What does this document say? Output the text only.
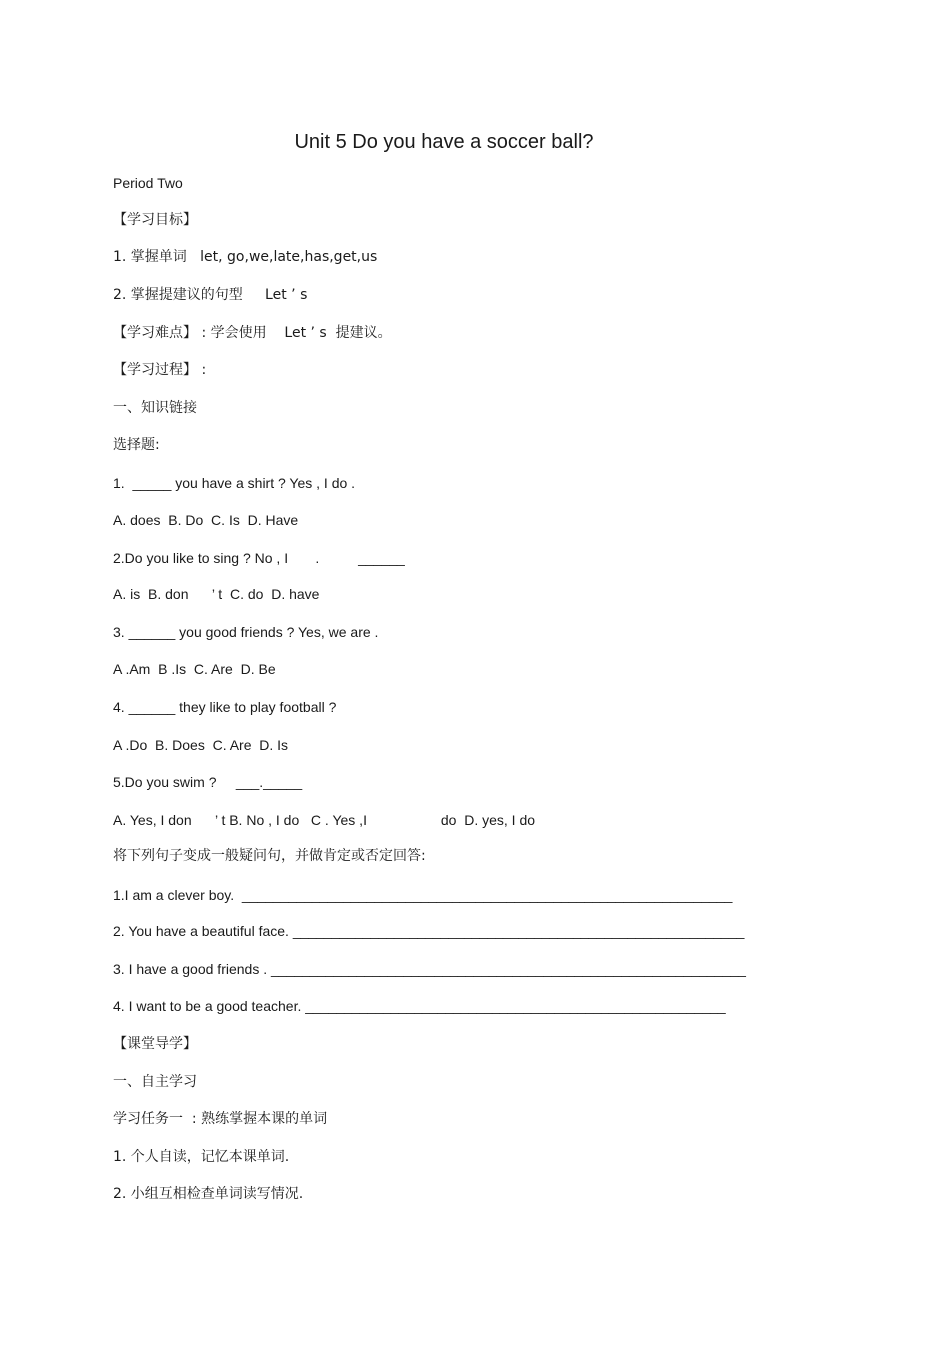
Unit 5 Do you have a soccer ball?
Period Two
【学习目标】
1. 掌握单词   let, go,we,late,has,get,us
2. 掌握提建议的句型     Let ’ s
【学习难点】 : 学会使用    Let ’ s  提建议。
【学习过程】 :
一、知识链接
选择题:
1.  _____ you have a shirt ? Yes , I do .
A. does  B. Do  C. Is  D. Have
2.Do you like to sing ? No , I       .          ______
A. is  B. don      ’ t  C. do  D. have
3. ______ you good friends ? Yes, we are .
A .Am  B .Is  C. Are  D. Be
4. ______ they like to play football ?
A .Do  B. Does  C. Are  D. Is
5.Do you swim ?     ___._____
A. Yes, I don      ’ t B. No , I do   C . Yes ,I                   do  D. yes, I do
将下列句子变成一般疑问句，并做肯定或否定回答:
1.I am a clever boy.  _______________________________________________________________
2. You have a beautiful face. __________________________________________________________
3. I have a good friends . _____________________________________________________________
4. I want to be a good teacher. ______________________________________________________
【课堂导学】
一、自主学习
学习任务一  : 熟练掌握本课的单词
1. 个人自读，记忆本课单词.
2. 小组互相检查单词读写情况.
